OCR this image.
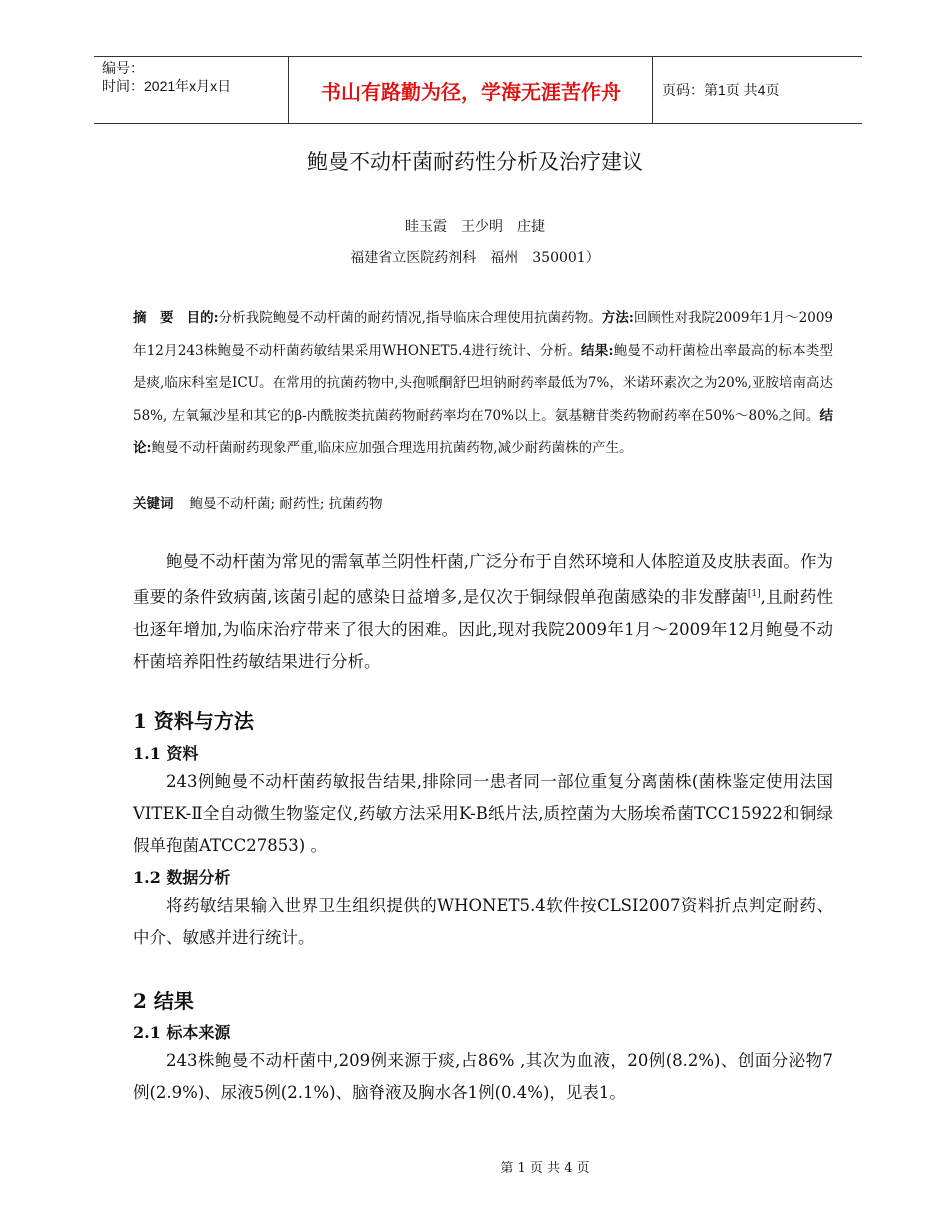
编号：
时间：2021年x月x日	书山有路勤为径，学海无涯苦作舟	页码：第1页 共4页
鲍曼不动杆菌耐药性分析及治疗建议
眭玉霞　王少明　庄捷
福建省立医院药剂科　福州　350001）
摘　要 目的:分析我院鲍曼不动杆菌的耐药情况,指导临床合理使用抗菌药物。方法:回顾性对我院2009年1月～2009年12月243株鲍曼不动杆菌药敏结果采用WHONET5.4进行统计、分析。结果:鲍曼不动杆菌检出率最高的标本类型是痰,临床科室是ICU。在常用的抗菌药物中,头孢哌酮舒巴坦钠耐药率最低为7%，米诺环素次之为20%,亚胺培南高达58%, 左氧氟沙星和其它的β-内酰胺类抗菌药物耐药率均在70%以上。氨基糖苷类药物耐药率在50%～80%之间。结论:鲍曼不动杆菌耐药现象严重,临床应加强合理选用抗菌药物,减少耐药菌株的产生。
关键词 鲍曼不动杆菌; 耐药性; 抗菌药物
鲍曼不动杆菌为常见的需氧革兰阴性杆菌,广泛分布于自然环境和人体腔道及皮肤表面。作为重要的条件致病菌,该菌引起的感染日益增多,是仅次于铜绿假单孢菌感染的非发酵菌[1],且耐药性也逐年增加,为临床治疗带来了很大的困难。因此,现对我院2009年1月～2009年12月鲍曼不动杆菌培养阳性药敏结果进行分析。
1 资料与方法
1.1 资料
243例鲍曼不动杆菌药敏报告结果,排除同一患者同一部位重复分离菌株(菌株鉴定使用法国VITEK-Ⅱ全自动微生物鉴定仪,药敏方法采用K-B纸片法,质控菌为大肠埃希菌TCC15922和铜绿假单孢菌ATCC27853) 。
1.2 数据分析
将药敏结果输入世界卫生组织提供的WHONET5.4软件按CLSI2007资料折点判定耐药、中介、敏感并进行统计。
2 结果
2.1 标本来源
243株鲍曼不动杆菌中,209例来源于痰,占86% ,其次为血液，20例(8.2%)、创面分泌物7例(2.9%)、尿液5例(2.1%)、脑脊液及胸水各1例(0.4%)，见表1。
第 1 页 共 4 页
